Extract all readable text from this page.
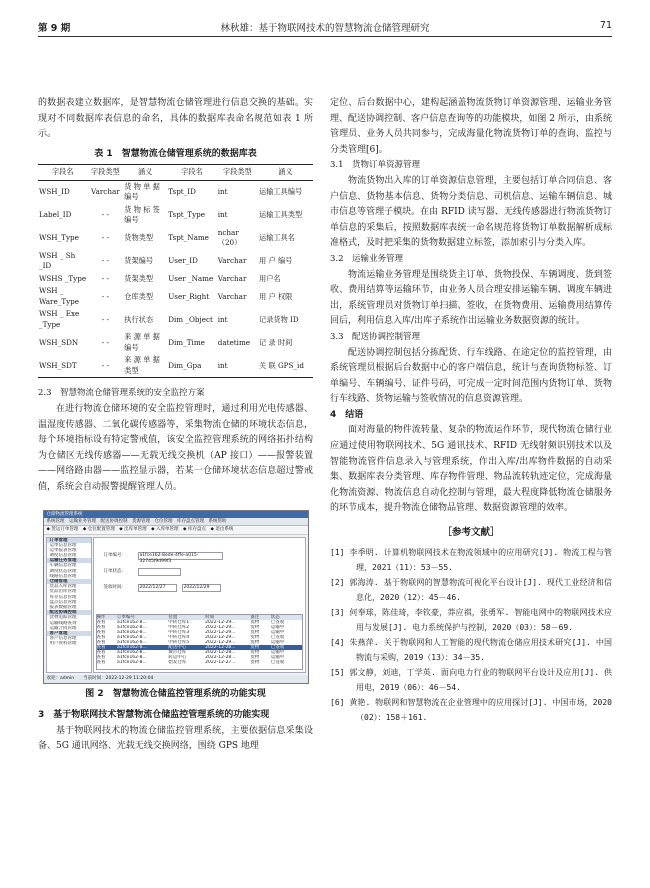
第 9 期	林秋雄：基于物联网技术的智慧物流仓储管理研究	71

的数据表建立数据库，是智慧物流仓储管理进行信息交换的基础。实现对不同数据库表信息的命名，具体的数据库表命名规范如表 1 所示。

表 1　智慧物流仓储管理系统的数据库表
字段名	字段类型	涵义	字段名	字段类型	涵义
WSH_ID	Varchar	货 物 单 据 编号	Tspt_ID	int	运输工具编号
Label_ID	- -	货 物 标 签 编号	Tspt_Type	int	运输工具类型
WSH_Type	- -	货物类型	Tspt_Name	nchar（20）	运输工具名
WSH _ Sh _ID	- -	货架编号	User_ID	Varchar	用 户 编号
WSHS _Type	- -	货架类型	User _Name	Varchar	用户名
WSH _ Ware_Type	- -	仓库类型	User_Right	Varchar	用 户 权限
WSH _ Exe _Type	- -	执行状态	Dim _Object	int	记录货物 ID
WSH_SDN	- -	来 源 单 据 编号	Dim_Time	datetime	记 录 时间
WSH_SDT	- -	来 源 单 据 类型	Dim_Gpa	int	关 联 GPS_id

2.3　智慧物流仓储管理系统的安全监控方案

在进行物流仓储环境的安全监控管理时，通过利用光电传感器、温湿度传感器、二氧化碳传感器等，采集物流仓储的环境状态信息，每个环境指标设有特定警戒值，该安全监控管理系统的网络拓扑结构为仓储区无线传感器——无载无线交换机（AP 接口）——报警装置——网络路由器——监控显示器，若某一仓储环境状态信息超过警戒值，系统会自动报警提醒管理人员。

仓储物流管理系统
系统管理　运输业务管理　配送协调控制　货源管理　仓位管理　库存盘点管理　系统帮助
◆ 货运订单管理　◆ 仓位配置管理　◆ 出库单管理　◆ 入库单管理　◆ 库存盘点　◆ 退出系统
订单管理
运单信息管理
运单报表管理
调度信息管理
运输任务管理
车辆信息管理
调度状态管理
线路信息管理
仓储管理
货品入库管理
货品出库管理
库存信息管理
盘点信息管理
报表数据管理
配送协调控制
货物追踪管理
运输线路查询
运输合同管理
客户管理
客户信息管理
用户资料管理
订单编号：	a1fce162-8ede-4ffe-a015-32745f9d99f3
订单状态：
签收时间：	2022/12/27	2022/12/29
操作	订单编号	位置	时间	备注	状态
查看	a1fce162-8...	中转仓库1	2022-12-29...	货物	已签收
查看	a1fce162-8...	中转仓库2	2022-12-29...	货物	运输中
查看	a1fce162-8...	中转仓库3	2022-12-29...	货物	运输中
查看	a1fce162-8...	中转仓库4	2022-12-29...	货物	已签收
查看	a1fce162-8...	中转仓库5	2022-12-29...	货物	运输中
查看	a1fce162-8...	配送中心	2022-12-28...	货物	已签收
查看	a1fce162-8...	城市仓库	2022-12-28...	货物	运输中
查看	a1fce162-8...	转运中心	2022-12-28...	货物	运输中
查看	a1fce162-8...	始发仓库	2022-12-27...	货物	已签收
欢迎：admin　　当前时间：2022-12-29 11:20:04
图 2　智慧物流仓储监控管理系统的功能实现

3　基于物联网技术智慧物流仓储监控管理系统的功能实现

基于物联网技术的物流仓储监控管理系统，主要依据信息采集设备、5G 通讯网络、光载无线交换网络，围绕 GPS 地理

定位、后台数据中心，建构起涵盖物流货物订单资源管理、运输业务管理、配送协调控制、客户信息查询等的功能模块，如图 2 所示，由系统管理员、业务人员共同参与，完成海量化物流货物订单的查询、监控与分类管理[6]。

3.1　货物订单资源管理

物流货物出入库的订单资源信息管理，主要包括订单合同信息、客户信息、货物基本信息、货物分类信息、司机信息、运输车辆信息、城市信息等管理子模块。在由 RFID 读写器、无线传感器进行物流货物订单信息的采集后，按照数据库表统一命名规范将货物订单数据解析成标准格式，及时把采集的货物数据建立标签，添加索引与分类入库。

3.2　运输业务管理

物流运输业务管理是围绕货主订单、货物投保、车辆调度、货到签收、费用结算等运输环节，由业务人员合理安排运输车辆、调度车辆进出，系统管理员对货物订单扫描、签收，在货物费用、运输费用结算传回后，利用信息入库/出库子系统作出运输业务数据资源的统计。

3.3　配送协调控制管理

配送协调控制包括分拣配货、行车线路、在途定位的监控管理，由系统管理员根据后台数据中心的客户端信息，统计与查询货物标签、订单编号、车辆编号、证件号码，可完成一定时间范围内货物订单、货物行车线路、货物运输与签收情况的信息资源管理。

4　结语

面对海量的物件流转量、复杂的物流运作环节，现代物流仓储行业应通过使用物联网技术、5G 通讯技术、RFID 无线射频识别技术以及智能物流管件信息录入与管理系统，作出入库/出库物件数据的自动采集、数据库表分类管理、库存物件管理、物品流转轨迹定位，完成海量化物流资源、物流信息自动化控制与管理，最大程度降低物流仓储服务的环节成本，提升物流仓储物品管理、数据资源管理的效率。

［参考文献］

[1] 李季明. 计算机物联网技术在物流领域中的应用研究[J]. 物流工程与管理，2021（11）：53－55.

[2] 郭海涛. 基于物联网的智慧物流可视化平台设计[J]. 现代工业经济和信息化，2020（12）：45－46.

[3] 何奉球，陈佳琦，李钦豪，莽应祺，张勇军. 智能电网中的物联网技术应用与发展[J]. 电力系统保护与控制，2020（03）：58－69.

[4] 朱燕萍. 关于物联网和人工智能的现代物流仓储应用技术研究[J]. 中国物流与采购，2019（13）：34－35.

[5] 郭文静，刘迪，丁学英. 面向电力行业的物联网平台设计及应用[J]. 供用电，2019（06）：46－54.

[6] 黄艳. 物联网和智慧物流在企业管理中的应用探讨[J]. 中国市场，2020（02）：158＋161.
